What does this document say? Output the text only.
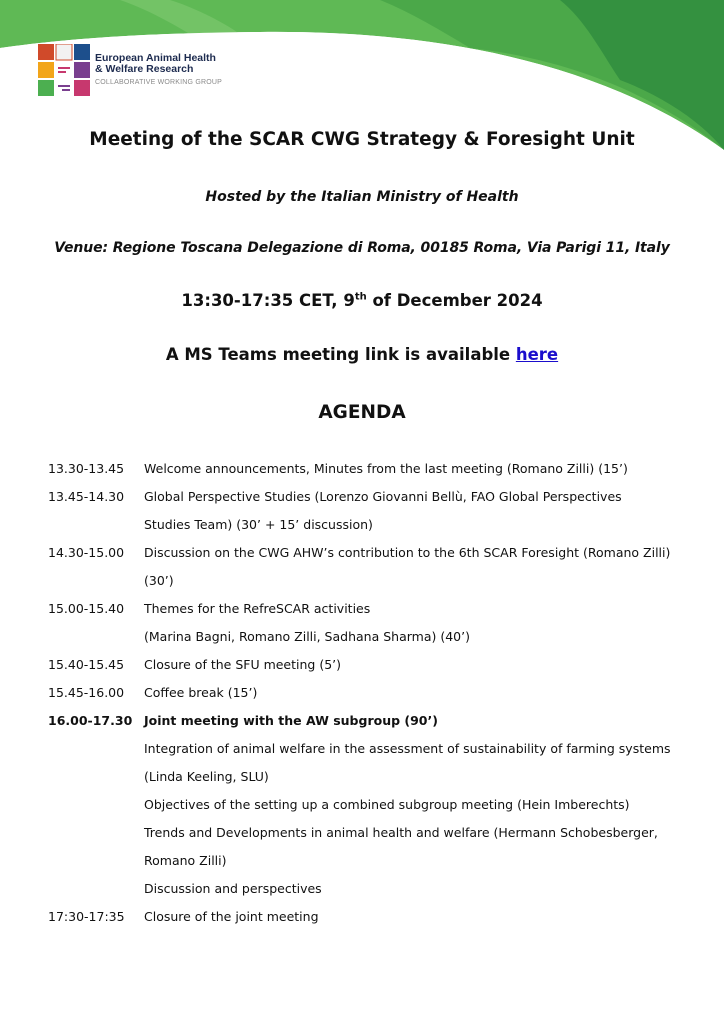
European Animal Health
& Welfare Research
COLLABORATIVE WORKING GROUP
Meeting of the SCAR CWG Strategy & Foresight Unit
Hosted by the Italian Ministry of Health
Venue: Regione Toscana Delegazione di Roma, 00185 Roma, Via Parigi 11, Italy
13:30-17:35 CET, 9th of December 2024
A MS Teams meeting link is available here
AGENDA
13.30-13.45	Welcome announcements, Minutes from the last meeting (Romano Zilli) (15’)
13.45-14.30	Global Perspective Studies (Lorenzo Giovanni Bellù, FAO Global Perspectives
Studies Team) (30’ + 15’ discussion)
14.30-15.00	Discussion on the CWG AHW’s contribution to the 6th SCAR Foresight (Romano Zilli)
(30’)
15.00-15.40	Themes for the RefreSCAR activities
(Marina Bagni, Romano Zilli, Sadhana Sharma) (40’)
15.40-15.45	Closure of the SFU meeting (5’)
15.45-16.00	Coffee break (15’)
16.00-17.30 Joint meeting with the AW subgroup (90’)
Integration of animal welfare in the assessment of sustainability of farming systems
(Linda Keeling, SLU)
Objectives of the setting up a combined subgroup meeting (Hein Imberechts)
Trends and Developments in animal health and welfare (Hermann Schobesberger,
Romano Zilli)
Discussion and perspectives
17:30-17:35	Closure of the joint meeting
